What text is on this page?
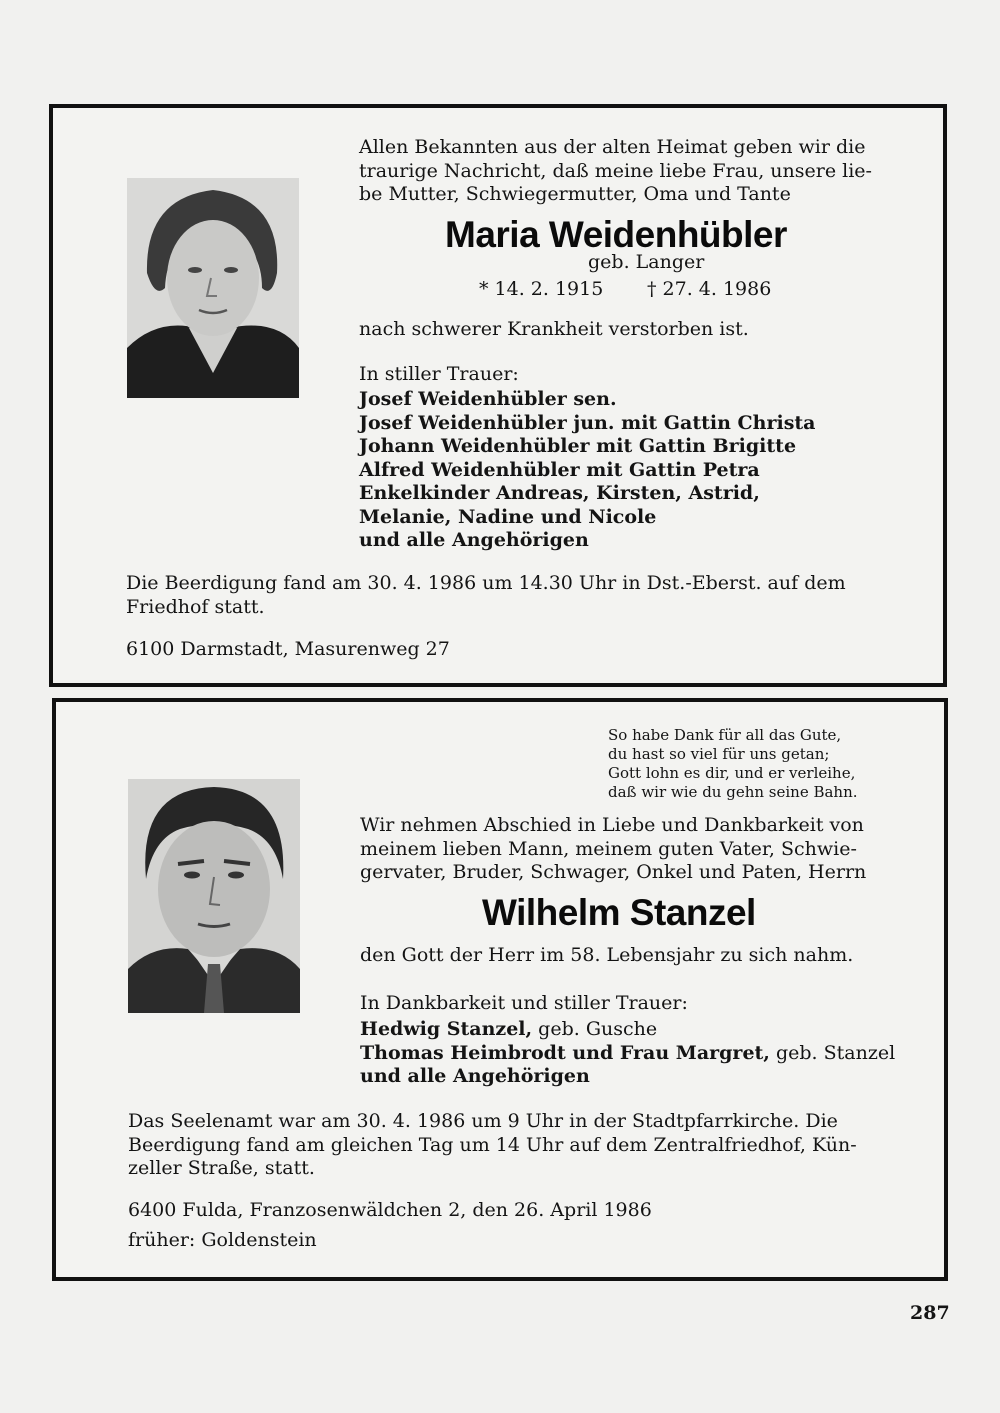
Allen Bekannten aus der alten Heimat geben wir die
traurige Nachricht, daß meine liebe Frau, unsere lie-
be Mutter, Schwiegermutter, Oma und Tante
Maria Weidenhübler
geb. Langer
* 14. 2. 1915 † 27. 4. 1986
nach schwerer Krankheit verstorben ist.
In stiller Trauer:
Josef Weidenhübler sen.
Josef Weidenhübler jun. mit Gattin Christa
Johann Weidenhübler mit Gattin Brigitte
Alfred Weidenhübler mit Gattin Petra
Enkelkinder Andreas, Kirsten, Astrid,
Melanie, Nadine und Nicole
und alle Angehörigen
Die Beerdigung fand am 30. 4. 1986 um 14.30 Uhr in Dst.-Eberst. auf dem
Friedhof statt.
6100 Darmstadt, Masurenweg 27
So habe Dank für all das Gute,
du hast so viel für uns getan;
Gott lohn es dir, und er verleihe,
daß wir wie du gehn seine Bahn.
Wir nehmen Abschied in Liebe und Dankbarkeit von
meinem lieben Mann, meinem guten Vater, Schwie-
gervater, Bruder, Schwager, Onkel und Paten, Herrn
Wilhelm Stanzel
den Gott der Herr im 58. Lebensjahr zu sich nahm.
In Dankbarkeit und stiller Trauer:
Hedwig Stanzel, geb. Gusche
Thomas Heimbrodt und Frau Margret, geb. Stanzel
und alle Angehörigen
Das Seelenamt war am 30. 4. 1986 um 9 Uhr in der Stadtpfarrkirche. Die
Beerdigung fand am gleichen Tag um 14 Uhr auf dem Zentralfriedhof, Kün-
zeller Straße, statt.
6400 Fulda, Franzosenwäldchen 2, den 26. April 1986
früher: Goldenstein
287
